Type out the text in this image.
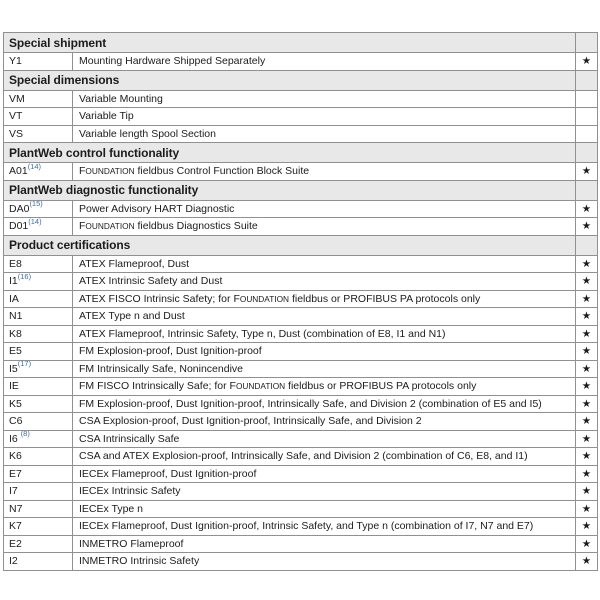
Special shipment		
Y1	Mounting Hardware Shipped Separately	★
Special dimensions		
VM	Variable Mounting	
VT	Variable Tip	
VS	Variable length Spool Section	
PlantWeb control functionality		
A01$^{(14)}$	FOUNDATION fieldbus Control Function Block Suite	★
PlantWeb diagnostic functionality		
DA0$^{(15)}$	Power Advisory HART Diagnostic	★
D01$^{(14)}$	FOUNDATION fieldbus Diagnostics Suite	★
Product certifications		
E8	ATEX Flameproof, Dust	★
I1$^{(16)}$	ATEX Intrinsic Safety and Dust	★
IA	ATEX FISCO Intrinsic Safety; for FOUNDATION fieldbus or PROFIBUS PA protocols only	★
N1	ATEX Type n and Dust	★
K8	ATEX Flameproof, Intrinsic Safety, Type n, Dust (combination of E8, I1 and N1)	★
E5	FM Explosion-proof, Dust Ignition-proof	★
I5$^{(17)}$	FM Intrinsically Safe, Nonincendive	★
IE	FM FISCO Intrinsically Safe; for FOUNDATION fieldbus or PROFIBUS PA protocols only	★
K5	FM Explosion-proof, Dust Ignition-proof, Intrinsically Safe, and Division 2 (combination of E5 and I5)	★
C6	CSA Explosion-proof, Dust Ignition-proof, Intrinsically Safe, and Division 2	★
I6 $^{(8)}$	CSA Intrinsically Safe	★
K6	CSA and ATEX Explosion-proof, Intrinsically Safe, and Division 2 (combination of C6, E8, and I1)	★
E7	IECEx Flameproof, Dust Ignition-proof	★
I7	IECEx Intrinsic Safety	★
N7	IECEx Type n	★
K7	IECEx Flameproof, Dust Ignition-proof, Intrinsic Safety, and Type n (combination of I7, N7 and E7)	★
E2	INMETRO Flameproof	★
I2	INMETRO Intrinsic Safety	★
